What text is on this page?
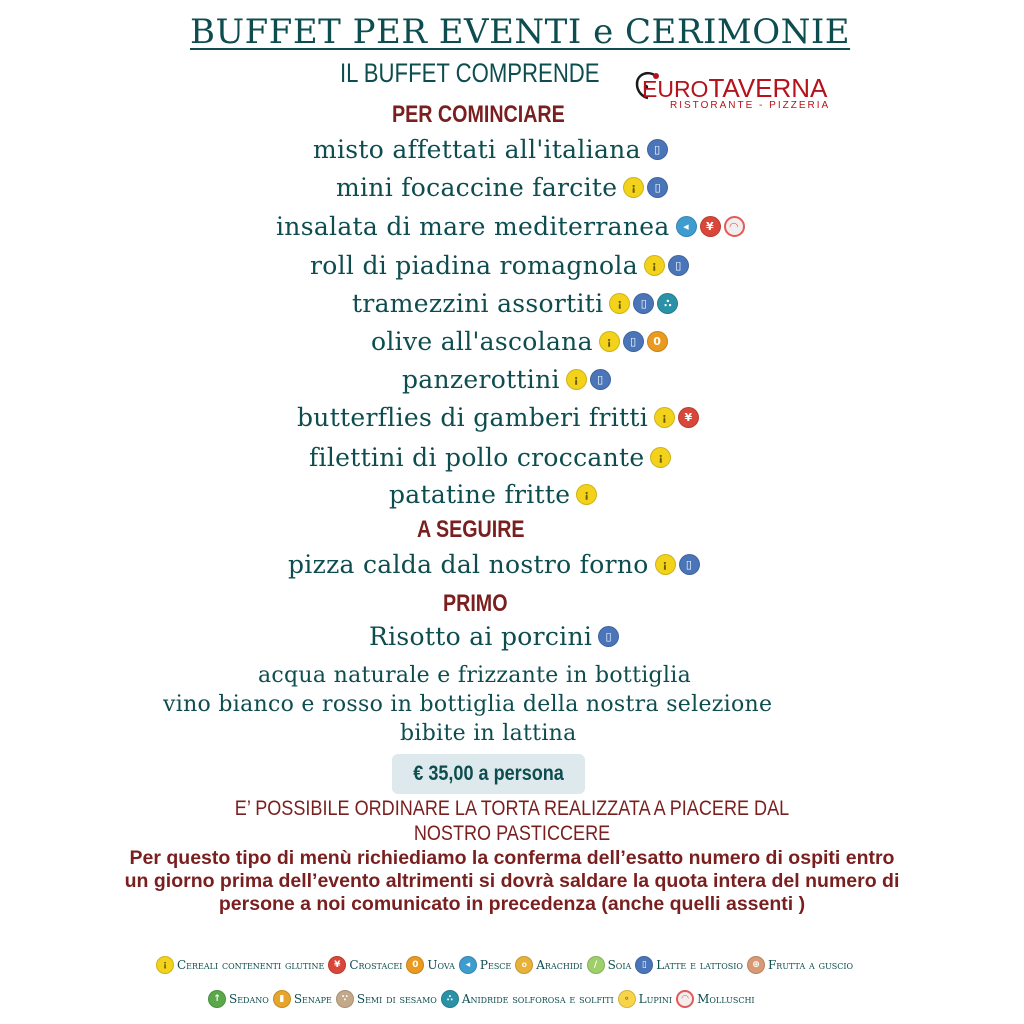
BUFFET PER EVENTI e CERIMONIE
IL BUFFET COMPRENDE
EUROTAVERNA
RISTORANTE - PIZZERIA
PER COMINCIARE
misto affettati all'italiana	▯
mini focaccine farcite	¡	▯
insalata di mare mediterranea	◂	¥	◠
roll di piadina romagnola	¡	▯
tramezzini assortiti	¡	▯	∴
olive all'ascolana	¡	▯	0
panzerottini	¡	▯
butterflies di gamberi fritti	¡	¥
filettini di pollo croccante	¡
patatine fritte	¡
A SEGUIRE
pizza calda dal nostro forno	¡	▯
PRIMO
Risotto ai porcini	▯
acqua naturale e frizzante in bottiglia
vino bianco e rosso in bottiglia della nostra selezione
bibite in lattina
€ 35,00 a persona
E’ POSSIBILE ORDINARE LA TORTA REALIZZATA A PIACERE DAL NOSTRO PASTICCERE
Per questo tipo di menù richiediamo la conferma dell’esatto numero di ospiti entro un giorno prima dell’evento altrimenti si dovrà saldare la quota intera del numero di persone a noi comunicato in precedenza (anche quelli assenti )
¡ Cereali contenenti glutine	¥ Crostacei	0 Uova	◂ Pesce	o Arachidi	/ Soia	▯ Latte e lattosio	⊕ Frutta a guscio
↑ Sedano	▮ Senape	∵ Semi di sesamo	∴ Anidride solforosa e solfiti	∘ Lupini	◠ Molluschi
